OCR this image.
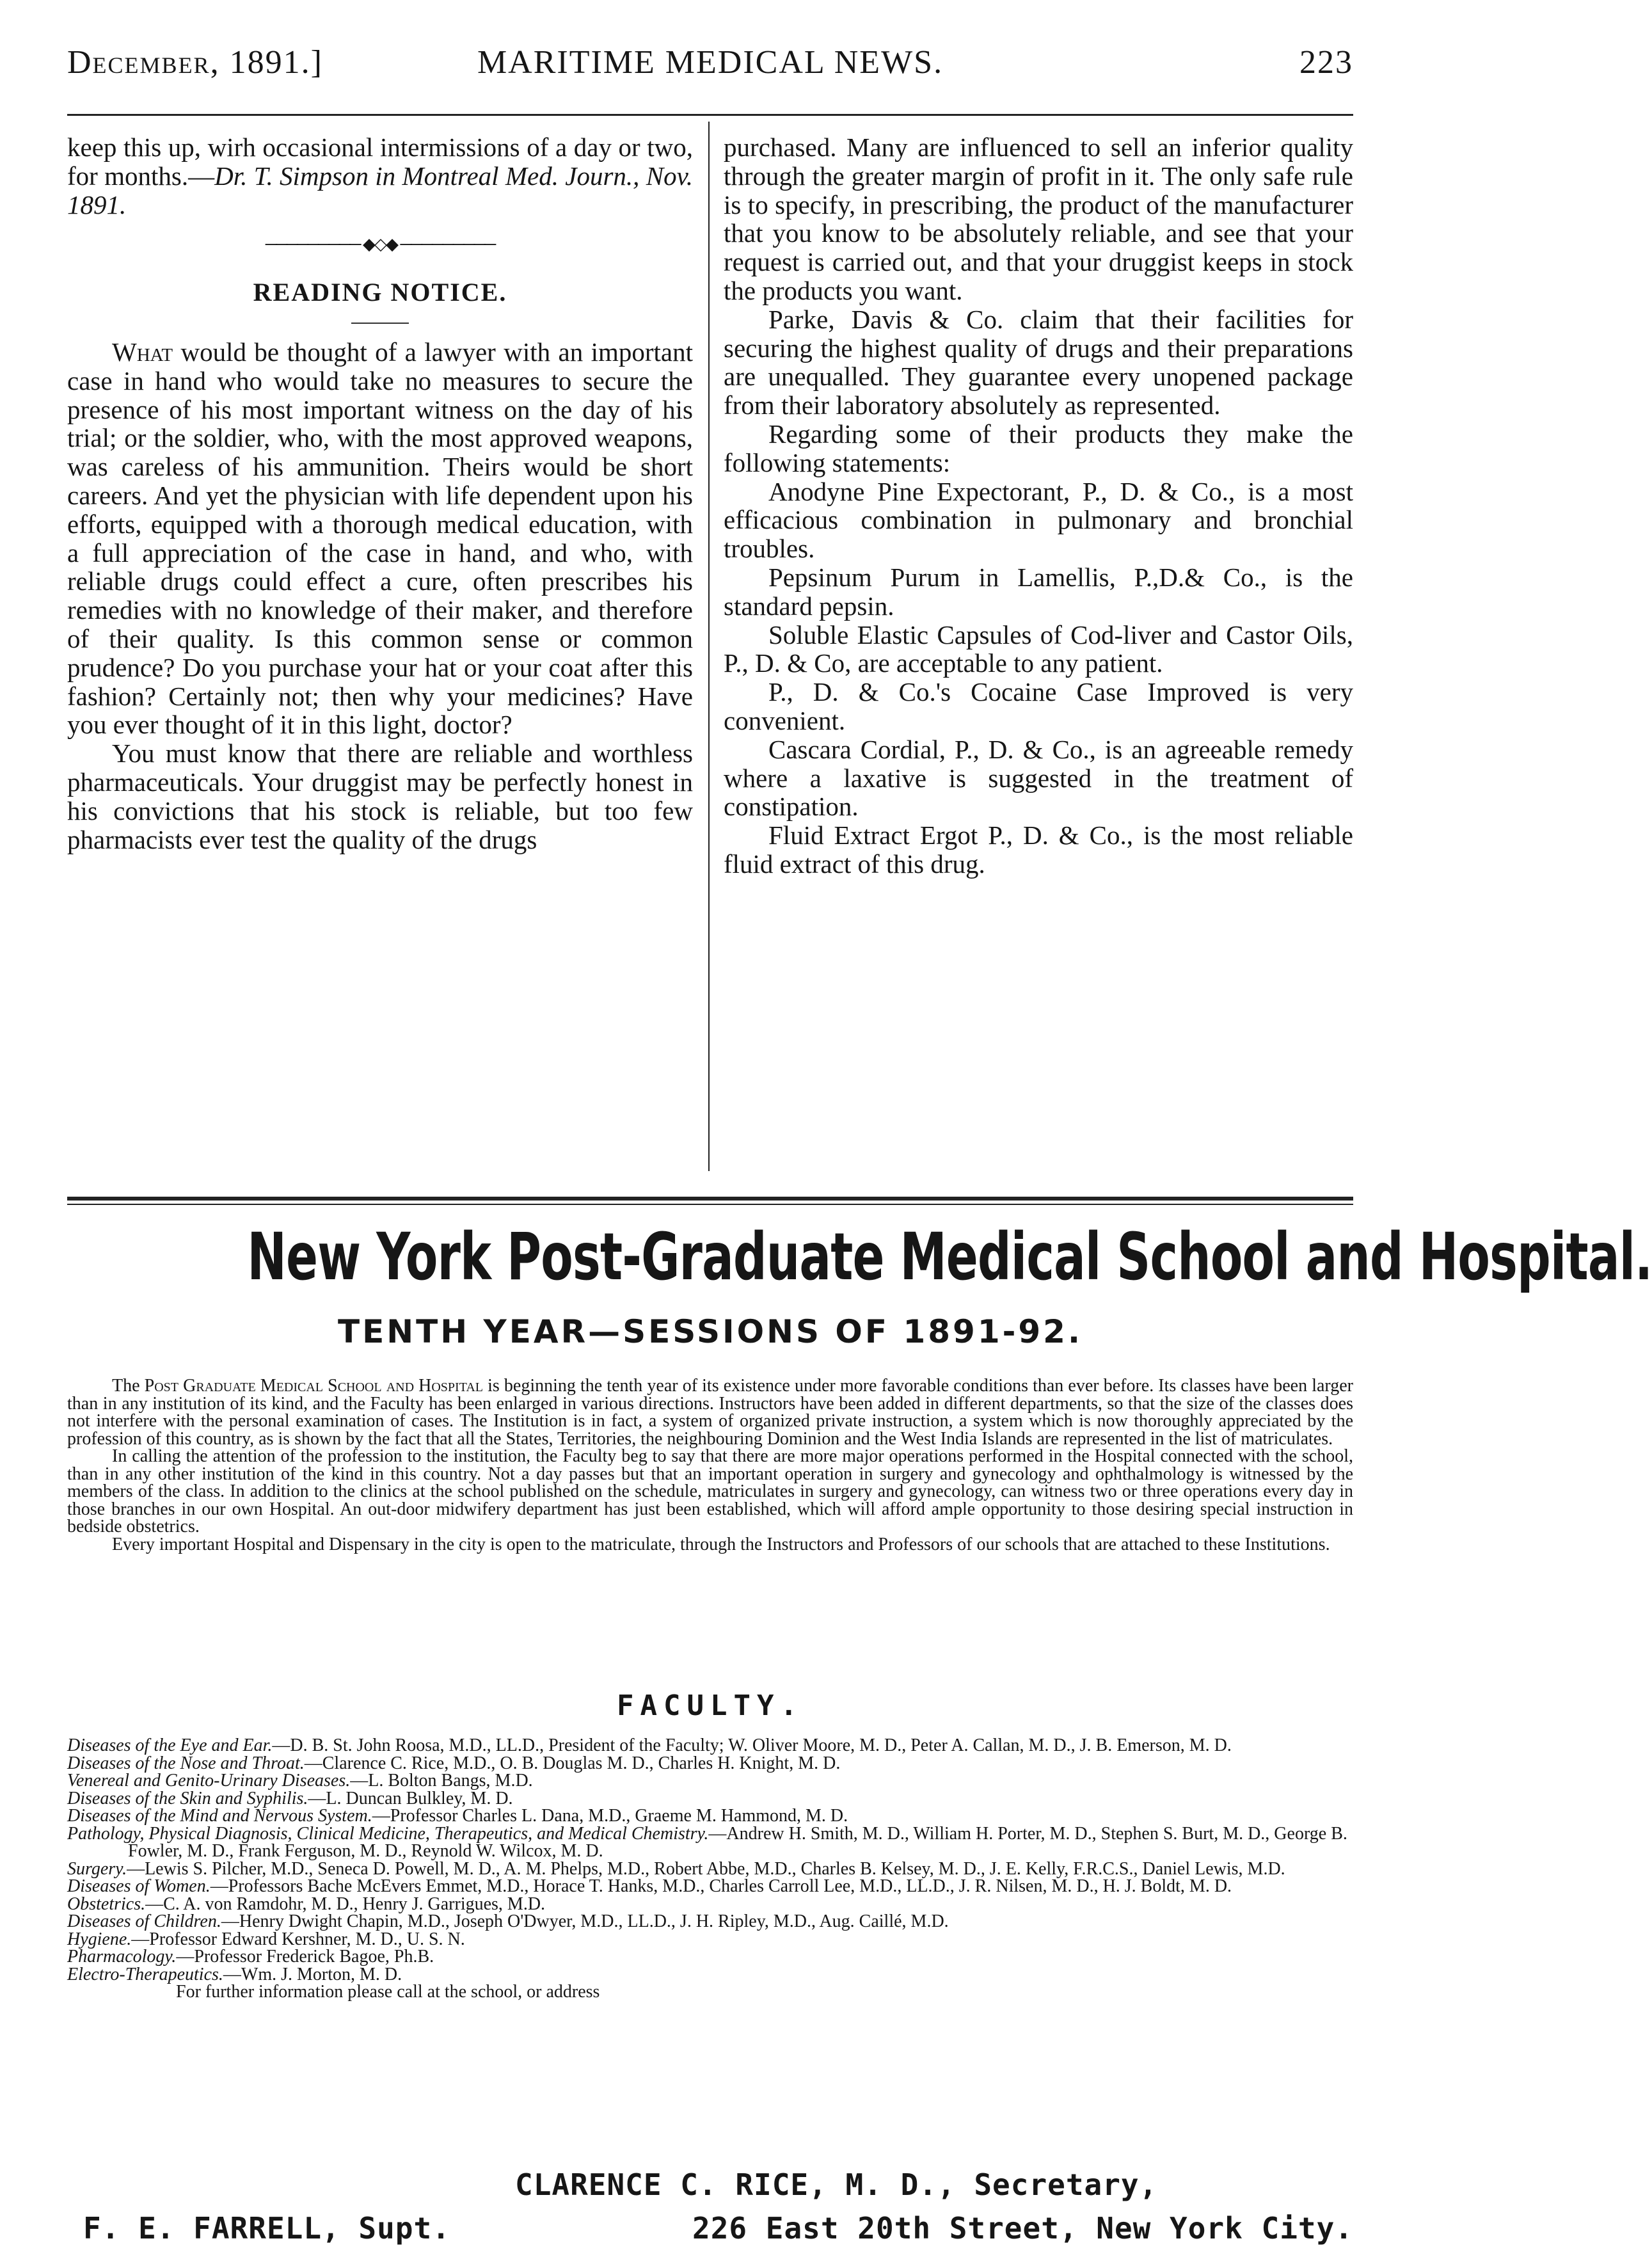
December, 1891.]	MARITIME MEDICAL NEWS.	223

keep this up, wirh occasional intermissions of a day or two, for months.—Dr. T. Simpson in Montreal Med. Journ., Nov. 1891.

───────── ◆◇◆ ─────────
READING NOTICE.

What would be thought of a lawyer with an important case in hand who would take no measures to secure the presence of his most important witness on the day of his trial; or the soldier, who, with the most approved weapons, was careless of his ammunition. Theirs would be short careers. And yet the physician with life dependent upon his efforts, equipped with a thorough medical education, with a full appreciation of the case in hand, and who, with reliable drugs could effect a cure, often prescribes his remedies with no knowledge of their maker, and therefore of their quality. Is this common sense or common prudence? Do you purchase your hat or your coat after this fashion? Certainly not; then why your medicines? Have you ever thought of it in this light, doctor?

You must know that there are reliable and worthless pharmaceuticals. Your druggist may be perfectly honest in his convictions that his stock is reliable, but too few pharmacists ever test the quality of the drugs

purchased. Many are influenced to sell an inferior quality through the greater margin of profit in it. The only safe rule is to specify, in prescribing, the product of the manufacturer that you know to be absolutely reliable, and see that your request is carried out, and that your druggist keeps in stock the products you want.

Parke, Davis & Co. claim that their facilities for securing the highest quality of drugs and their preparations are unequalled. They guarantee every unopened package from their laboratory absolutely as represented.

Regarding some of their products they make the following statements:

Anodyne Pine Expectorant, P., D. & Co., is a most efficacious combination in pulmonary and bronchial troubles.

Pepsinum Purum in Lamellis, P.,D.& Co., is the standard pepsin.

Soluble Elastic Capsules of Cod-liver and Castor Oils, P., D. & Co, are acceptable to any patient.

P., D. & Co.'s Cocaine Case Improved is very convenient.

Cascara Cordial, P., D. & Co., is an agreeable remedy where a laxative is suggested in the treatment of constipation.

Fluid Extract Ergot P., D. & Co., is the most reliable fluid extract of this drug.

New York Post-Graduate Medical School and Hospital.
TENTH YEAR—SESSIONS OF 1891-92.

The Post Graduate Medical School and Hospital is beginning the tenth year of its existence under more favorable conditions than ever before. Its classes have been larger than in any institution of its kind, and the Faculty has been enlarged in various directions. Instructors have been added in different departments, so that the size of the classes does not interfere with the personal examination of cases. The Institution is in fact, a system of organized private instruction, a system which is now thoroughly appreciated by the profession of this country, as is shown by the fact that all the States, Territories, the neighbouring Dominion and the West India Islands are represented in the list of matriculates.

In calling the attention of the profession to the institution, the Faculty beg to say that there are more major operations performed in the Hospital connected with the school, than in any other institution of the kind in this country. Not a day passes but that an important operation in surgery and gynecology and ophthalmology is witnessed by the members of the class. In addition to the clinics at the school published on the schedule, matriculates in surgery and gynecology, can witness two or three operations every day in those branches in our own Hospital. An out-door midwifery department has just been established, which will afford ample opportunity to those desiring special instruction in bedside obstetrics.

Every important Hospital and Dispensary in the city is open to the matriculate, through the Instructors and Professors of our schools that are attached to these Institutions.

FACULTY.

Diseases of the Eye and Ear.—D. B. St. John Roosa, M.D., LL.D., President of the Faculty; W. Oliver Moore, M. D., Peter A. Callan, M. D., J. B. Emerson, M. D.

Diseases of the Nose and Throat.—Clarence C. Rice, M.D., O. B. Douglas M. D., Charles H. Knight, M. D.

Venereal and Genito-Urinary Diseases.—L. Bolton Bangs, M.D.

Diseases of the Skin and Syphilis.—L. Duncan Bulkley, M. D.

Diseases of the Mind and Nervous System.—Professor Charles L. Dana, M.D., Graeme M. Hammond, M. D.

Pathology, Physical Diagnosis, Clinical Medicine, Therapeutics, and Medical Chemistry.—Andrew H. Smith, M. D., William H. Porter, M. D., Stephen S. Burt, M. D., George B. Fowler, M. D., Frank Ferguson, M. D., Reynold W. Wilcox, M. D.

Surgery.—Lewis S. Pilcher, M.D., Seneca D. Powell, M. D., A. M. Phelps, M.D., Robert Abbe, M.D., Charles B. Kelsey, M. D., J. E. Kelly, F.R.C.S., Daniel Lewis, M.D.

Diseases of Women.—Professors Bache McEvers Emmet, M.D., Horace T. Hanks, M.D., Charles Carroll Lee, M.D., LL.D., J. R. Nilsen, M. D., H. J. Boldt, M. D.

Obstetrics.—C. A. von Ramdohr, M. D., Henry J. Garrigues, M.D.

Diseases of Children.—Henry Dwight Chapin, M.D., Joseph O'Dwyer, M.D., LL.D., J. H. Ripley, M.D., Aug. Caillé, M.D.

Hygiene.—Professor Edward Kershner, M. D., U. S. N.

Pharmacology.—Professor Frederick Bagoe, Ph.B.

Electro-Therapeutics.—Wm. J. Morton, M. D.

For further information please call at the school, or address

CLARENCE C. RICE, M. D., Secretary,
F. E. FARRELL, Supt.	226 East 20th Street, New York City.
